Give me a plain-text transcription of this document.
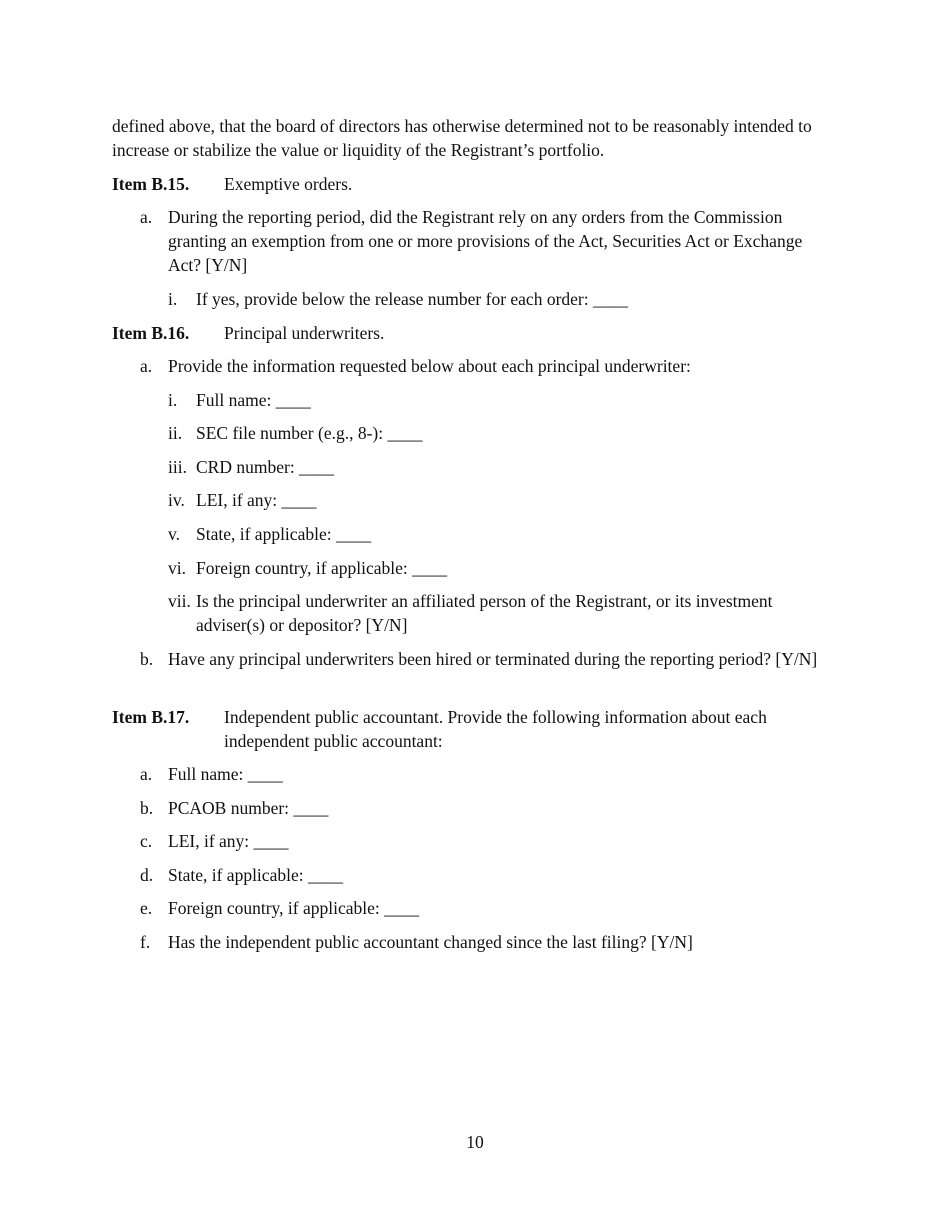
defined above, that the board of directors has otherwise determined not to be reasonably intended to increase or stabilize the value or liquidity of the Registrant’s portfolio.

Item B.15. Exemptive orders.

a. During the reporting period, did the Registrant rely on any orders from the Commission granting an exemption from one or more provisions of the Act, Securities Act or Exchange Act? [Y/N]

i. If yes, provide below the release number for each order: ____

Item B.16. Principal underwriters.

a. Provide the information requested below about each principal underwriter:

i. Full name: ____

ii. SEC file number (e.g., 8-): ____

iii. CRD number: ____

iv. LEI, if any: ____

v. State, if applicable: ____

vi. Foreign country, if applicable: ____

vii. Is the principal underwriter an affiliated person of the Registrant, or its investment adviser(s) or depositor? [Y/N]

b. Have any principal underwriters been hired or terminated during the reporting period? [Y/N]

Item B.17. Independent public accountant. Provide the following information about each independent public accountant:

a. Full name: ____

b. PCAOB number: ____

c. LEI, if any: ____

d. State, if applicable: ____

e. Foreign country, if applicable: ____

f. Has the independent public accountant changed since the last filing? [Y/N]

10
